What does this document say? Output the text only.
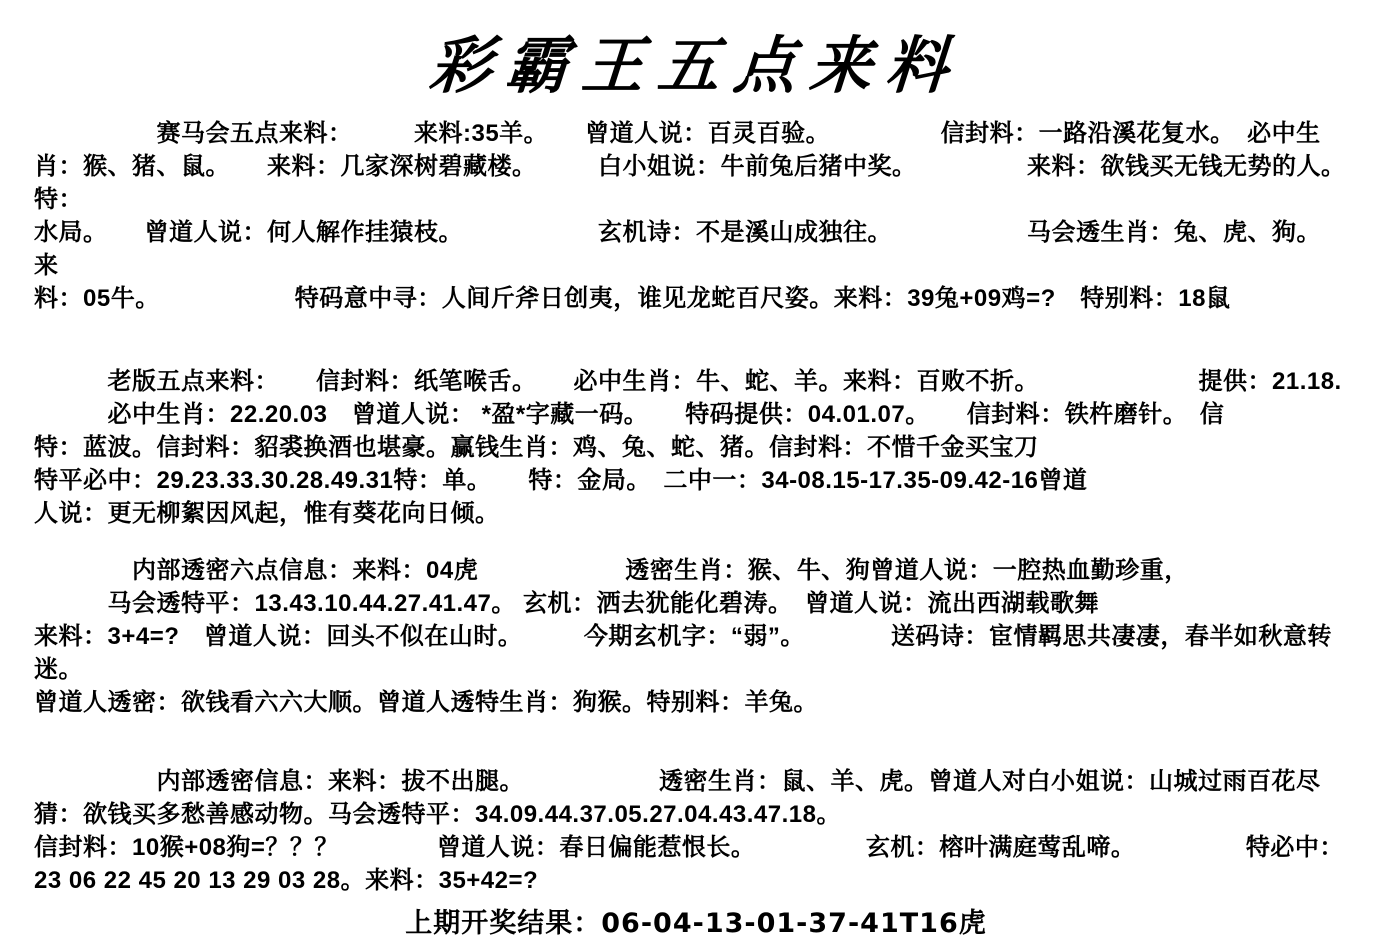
彩霸王五点来料
　　　　　赛马会五点来料：　　　来料:35羊。　　曾道人说：百灵百验。　　　　　信封料：一路沿溪花复水。　必中生
肖：猴、猪、鼠。　　来料：几家深树碧藏楼。　　　白小姐说：牛前兔后猪中奖。　　　　　来料：欲钱买无钱无势的人。特：
水局。　　曾道人说：何人解作挂猿枝。　　　　　　玄机诗：不是溪山成独往。　　　　　　马会透生肖：兔、虎、狗。　　来
料：05牛。　　　　　　特码意中寻：人间斤斧日创夷，谁见龙蛇百尺姿。来料：39兔+09鸡=?　特别料：18鼠
　　　老版五点来料：　　信封料：纸笔喉舌。　　必中生肖：牛、蛇、羊。来料：百败不折。　　　　　　　提供：21.18.
　　　必中生肖：22.20.03　曾道人说： *盈*字藏一码。　　特码提供：04.01.07。　　信封料：铁杵磨针。　信
特：蓝波。信封料：貂裘换酒也堪豪。赢钱生肖：鸡、兔、蛇、猪。信封料：不惜千金买宝刀
特平必中：29.23.33.30.28.49.31特：单。　　特：金局。　二中一：34-08.15-17.35-09.42-16曾道
人说：更无柳絮因风起，惟有葵花向日倾。
　　　　内部透密六点信息：来料：04虎　　　　　　透密生肖：猴、牛、狗曾道人说：一腔热血勤珍重，
　　　马会透特平：13.43.10.44.27.41.47。 玄机：洒去犹能化碧涛。　曾道人说：流出西湖载歌舞
来料：3+4=?　曾道人说：回头不似在山时。　　　今期玄机字：“弱”。　　　　送码诗：宦情羁思共凄凄，春半如秋意转迷。
曾道人透密：欲钱看六六大顺。曾道人透特生肖：狗猴。特别料：羊兔。
　　　　　内部透密信息：来料：拔不出腿。　　　　　　透密生肖：鼠、羊、虎。曾道人对白小姐说：山城过雨百花尽
猜：欲钱买多愁善感动物。马会透特平：34.09.44.37.05.27.04.43.47.18。
信封料：10猴+08狗=？？？　　　　曾道人说：春日偏能惹恨长。　　　　　玄机：榕叶满庭莺乱啼。　　　　　特必中：
23 06 22 45 20 13 29 03 28。来料：35+42=?
上期开奖结果：06-04-13-01-37-41T16虎
